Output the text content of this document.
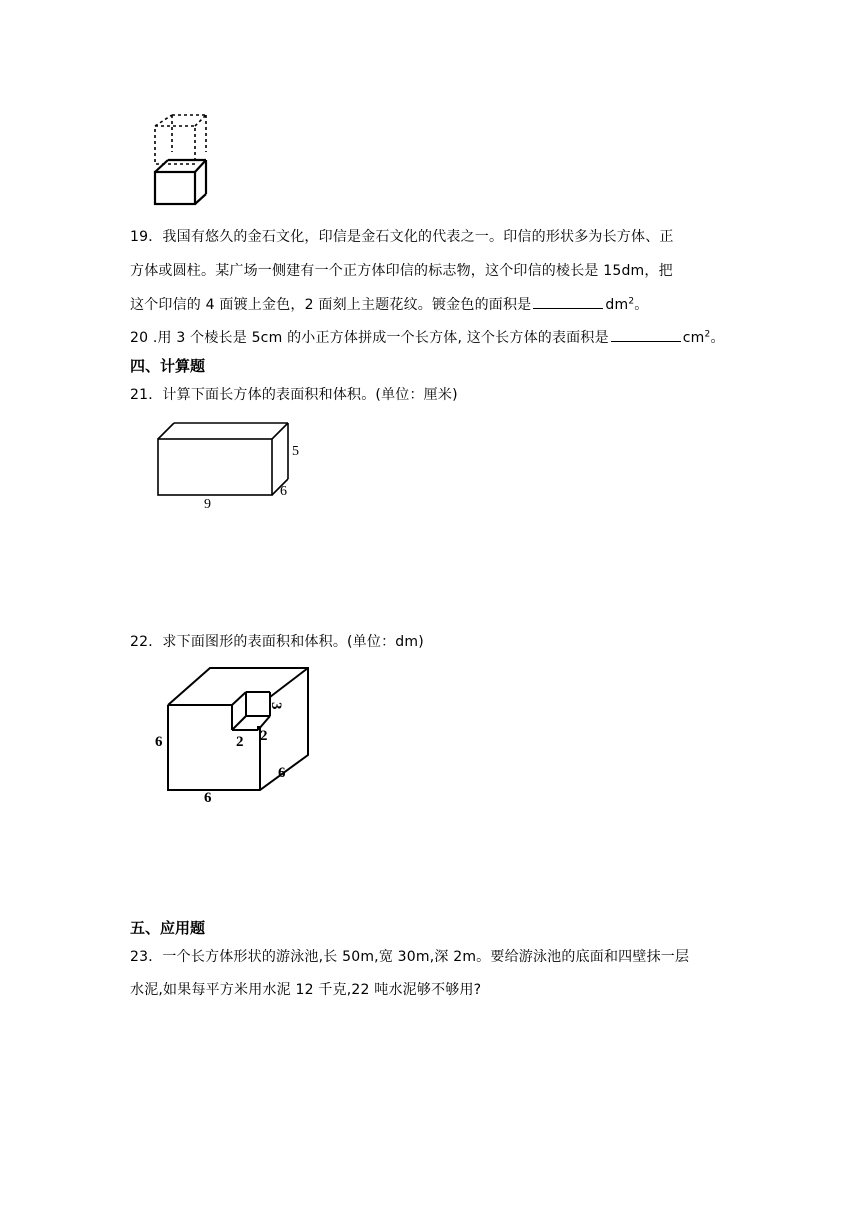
19．我国有悠久的金石文化，印信是金石文化的代表之一。印信的形状多为长方体、正
方体或圆柱。某广场一侧建有一个正方体印信的标志物，这个印信的棱长是 15dm，把
这个印信的 4 面镀上金色，2 面刻上主题花纹。镀金色的面积是	$dm^2$。
20 .用 3 个棱长是 5cm 的小正方体拼成一个长方体, 这个长方体的表面积是	$cm^2$。
四、计算题
21．计算下面长方体的表面积和体积。(单位：厘米)
5
6
9
22．求下面图形的表面积和体积。(单位：dm)
6
6
6
2 2
3
五、应用题
23．一个长方体形状的游泳池,长 50m,宽 30m,深 2m。要给游泳池的底面和四壁抹一层
水泥,如果每平方米用水泥 12 千克,22 吨水泥够不够用?
